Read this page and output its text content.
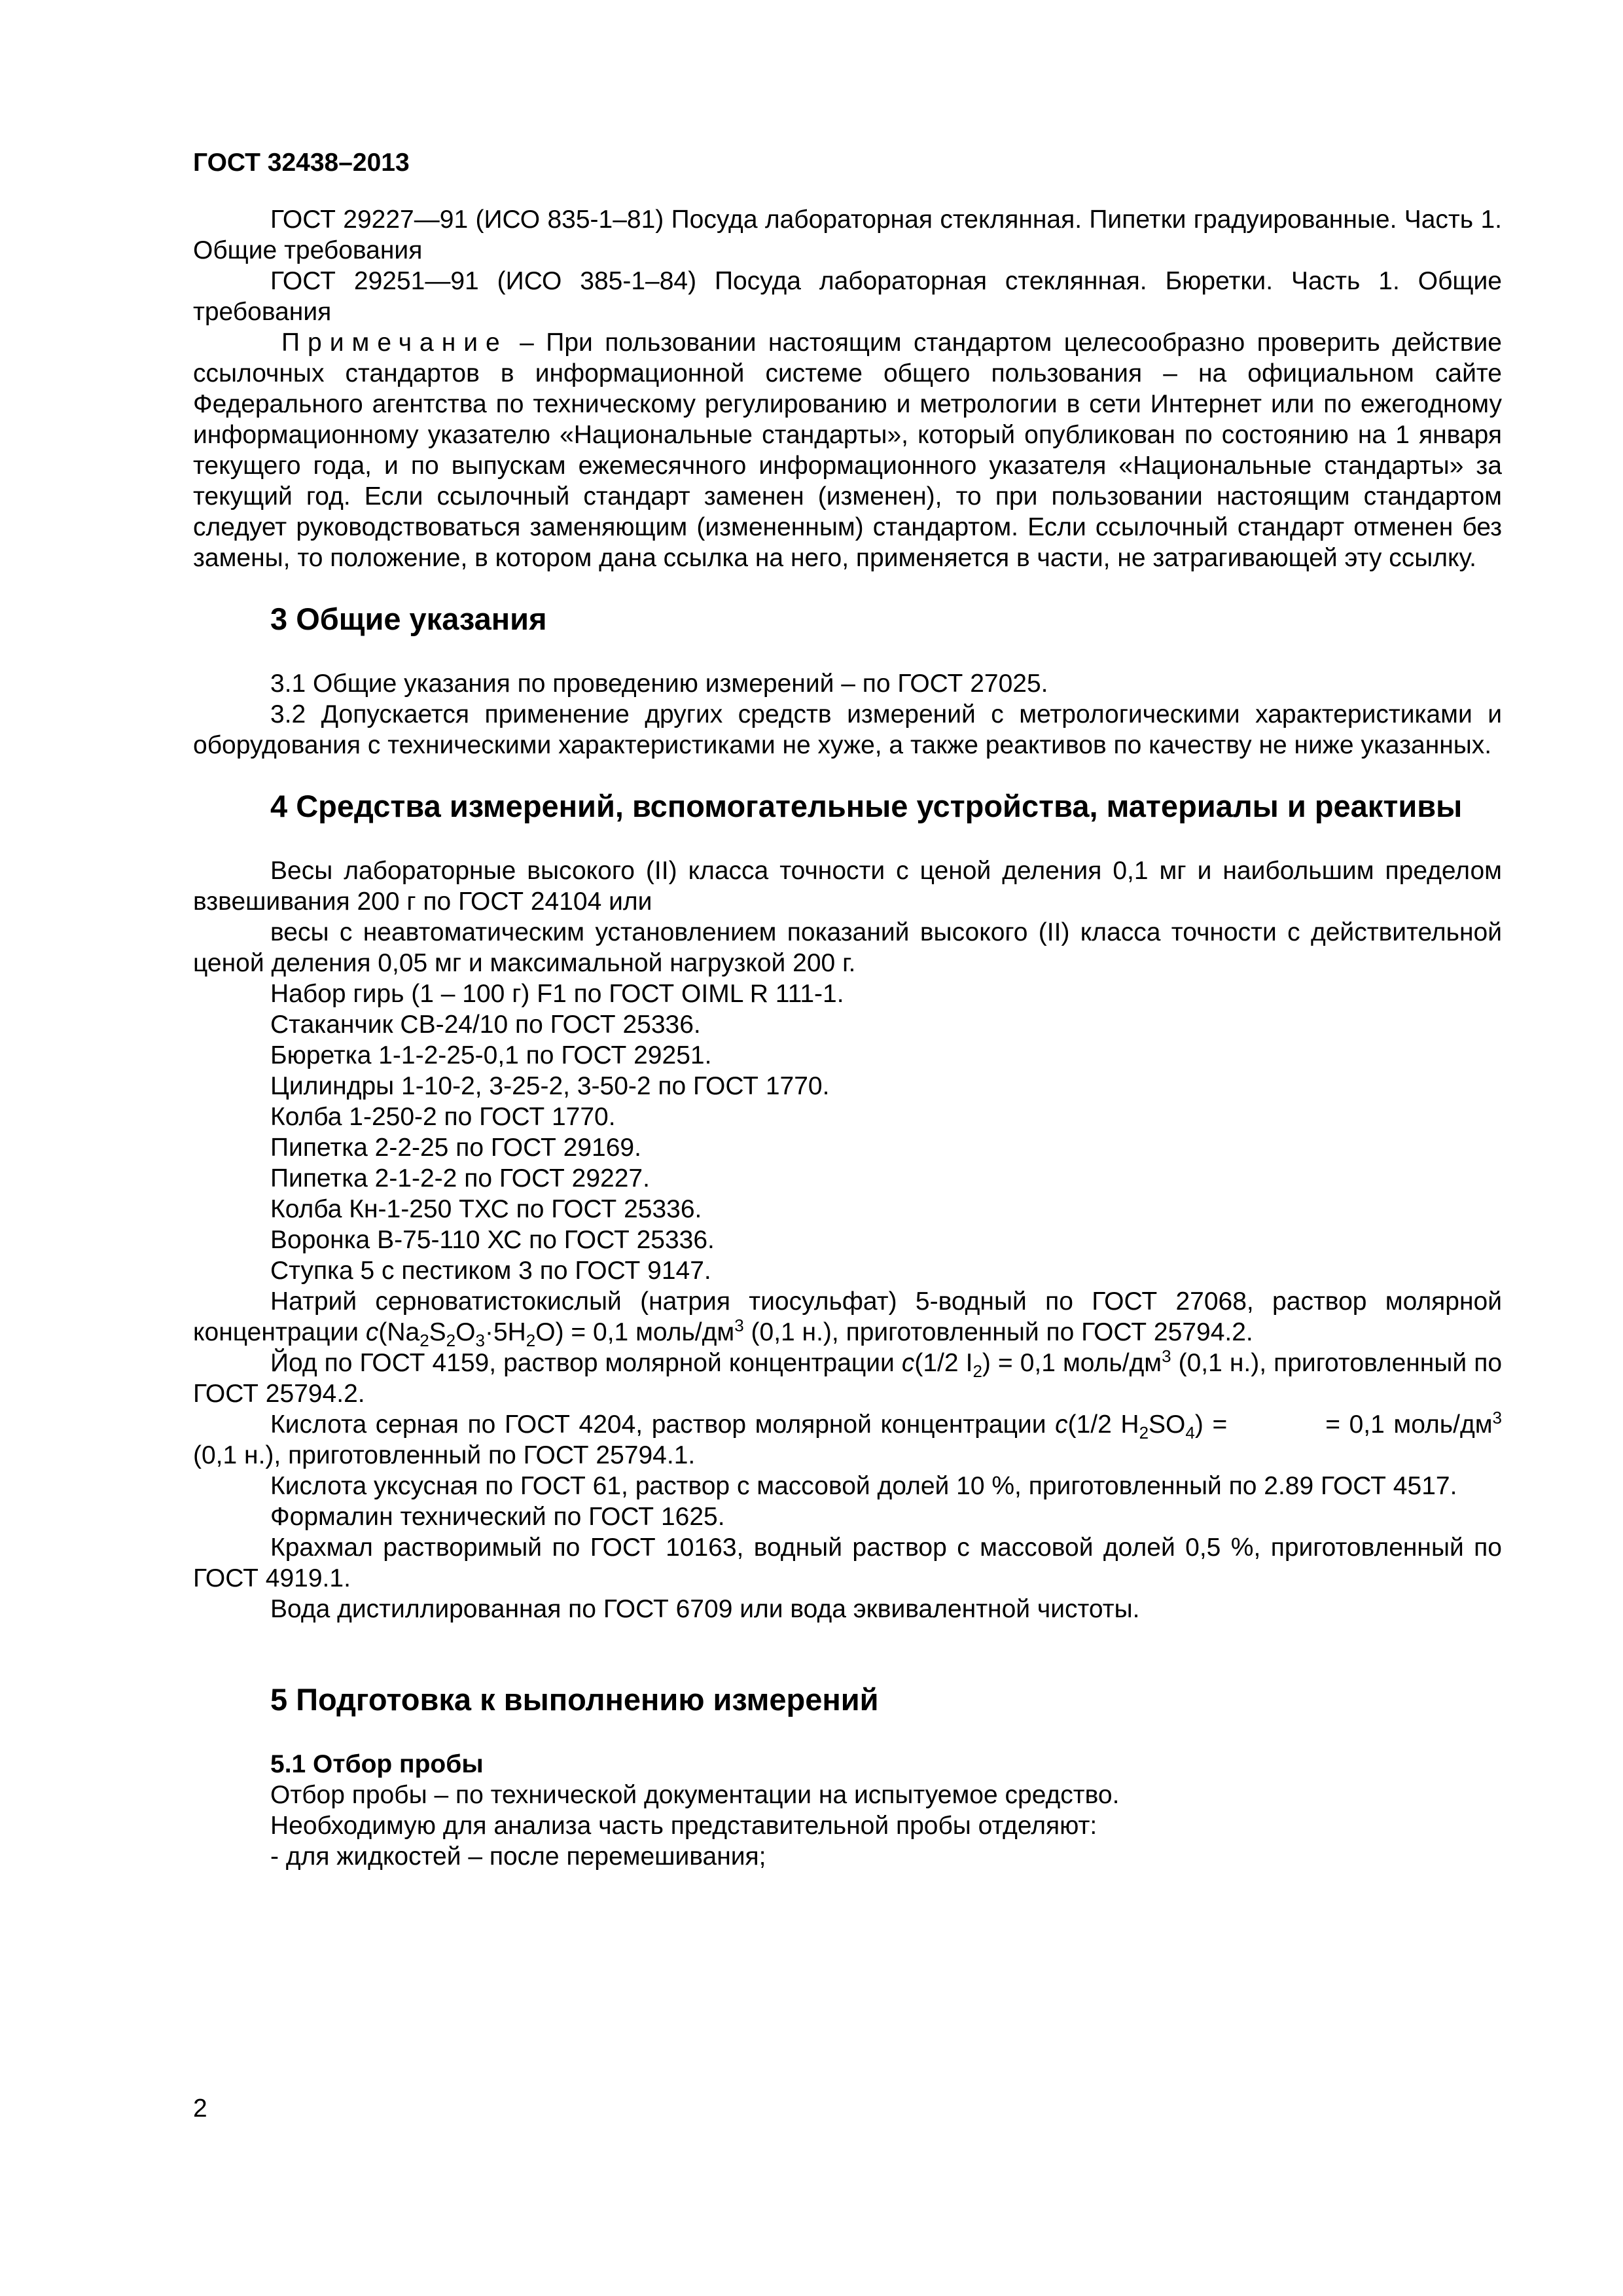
ГОСТ 32438–2013

ГОСТ 29227—91 (ИСО 835-1–81) Посуда лабораторная стеклянная. Пипетки градуированные. Часть 1. Общие требования

ГОСТ 29251—91 (ИСО 385-1–84) Посуда лабораторная стеклянная. Бюретки. Часть 1. Общие требования

Примечание – При пользовании настоящим стандартом целесообразно проверить действие ссылочных стандартов в информационной системе общего пользования – на официальном сайте Федерального агентства по техническому регулированию и метрологии в сети Интернет или по ежегодному информационному указателю «Национальные стандарты», который опубликован по состоянию на 1 января текущего года, и по выпускам ежемесячного информационного указателя «Национальные стандарты» за текущий год. Если ссылочный стандарт заменен (изменен), то при пользовании настоящим стандартом следует руководствоваться заменяющим (измененным) стандартом. Если ссылочный стандарт отменен без замены, то положение, в котором дана ссылка на него, применяется в части, не затрагивающей эту ссылку.

3 Общие указания

3.1 Общие указания по проведению измерений – по ГОСТ 27025.

3.2 Допускается применение других средств измерений с метрологическими характеристиками и оборудования с техническими характеристиками не хуже, а также реактивов по качеству не ниже указанных.

4 Средства измерений, вспомогательные устройства, материалы и реактивы

Весы лабораторные высокого (II) класса точности с ценой деления 0,1 мг и наибольшим пределом взвешивания 200 г по ГОСТ 24104 или

весы с неавтоматическим установлением показаний высокого (II) класса точности с действительной ценой деления 0,05 мг и максимальной нагрузкой 200 г.

Набор гирь (1 – 100 г) F1 по ГОСТ OIML R 111-1.

Стаканчик СВ-24/10 по ГОСТ 25336.

Бюретка 1-1-2-25-0,1 по ГОСТ 29251.

Цилиндры 1-10-2, 3-25-2, 3-50-2 по ГОСТ 1770.

Колба 1-250-2 по ГОСТ 1770.

Пипетка 2-2-25 по ГОСТ 29169.

Пипетка 2-1-2-2 по ГОСТ 29227.

Колба Кн-1-250 ТХС по ГОСТ 25336.

Воронка В-75-110 ХС по ГОСТ 25336.

Ступка 5 с пестиком 3 по ГОСТ 9147.

Натрий серноватистокислый (натрия тиосульфат) 5-водный по ГОСТ 27068, раствор молярной концентрации $c(Na_2S_2O_3\cdot 5H_2O) = 0,1$ моль/$дм^3$ (0,1 н.), приготовленный по ГОСТ 25794.2.

Йод по ГОСТ 4159, раствор молярной концентрации c(1/2 $I_2) = 0,1$ моль/$дм^3$ (0,1 н.), приготовленный по ГОСТ 25794.2.

Кислота серная по ГОСТ 4204, раствор молярной концентрации c(1/2 $H_2SO_4$) =	= 0,1 моль/$дм^3$ (0,1 н.), приготовленный по ГОСТ 25794.1.

Кислота уксусная по ГОСТ 61, раствор с массовой долей 10 %, приготовленный по 2.89 ГОСТ 4517.

Формалин технический по ГОСТ 1625.

Крахмал растворимый по ГОСТ 10163, водный раствор с массовой долей 0,5 %, приготовленный по ГОСТ 4919.1.

Вода дистиллированная по ГОСТ 6709 или вода эквивалентной чистоты.

5 Подготовка к выполнению измерений

5.1 Отбор пробы

Отбор пробы – по технической документации на испытуемое средство.

Необходимую для анализа часть представительной пробы отделяют:

- для жидкостей – после перемешивания;

2
